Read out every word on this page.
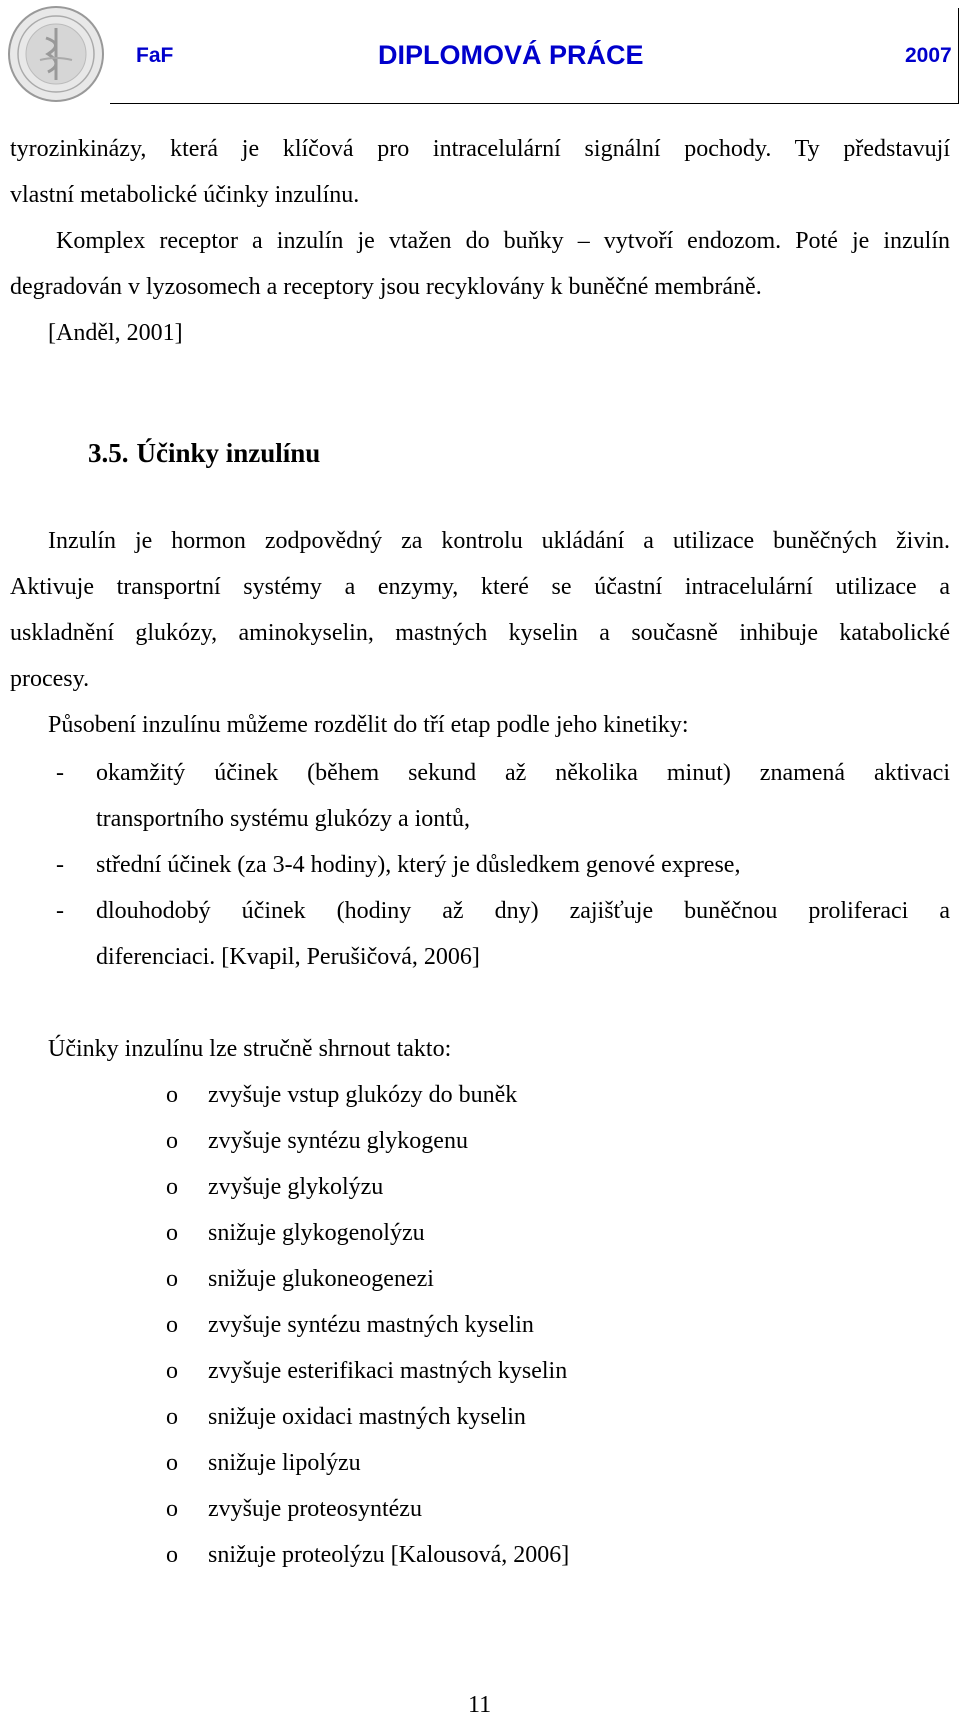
FaF	DIPLOMOVÁ PRÁCE	2007
tyrozinkinázy, která je klíčová pro intracelulární signální pochody. Ty představují
vlastní metabolické účinky inzulínu.
Komplex receptor a inzulín je vtažen do buňky – vytvoří endozom. Poté je inzulín
degradován v lyzosomech a receptory jsou recyklovány k buněčné membráně.
[Anděl, 2001]
3.5. Účinky inzulínu
Inzulín je hormon zodpovědný za kontrolu ukládání a utilizace buněčných živin.
Aktivuje transportní systémy a enzymy, které se účastní intracelulární utilizace a
uskladnění glukózy, aminokyselin, mastných kyselin a současně inhibuje katabolické
procesy.
Působení inzulínu můžeme rozdělit do tří etap podle jeho kinetiky:
- okamžitý účinek (během sekund až několika minut) znamená aktivaci
transportního systému glukózy a iontů,
- střední účinek (za 3-4 hodiny), který je důsledkem genové exprese,
- dlouhodobý účinek (hodiny až dny) zajišťuje buněčnou proliferaci a
diferenciaci. [Kvapil, Perušičová, 2006]
Účinky inzulínu lze stručně shrnout takto:
o zvyšuje vstup glukózy do buněk
o zvyšuje syntézu glykogenu
o zvyšuje glykolýzu
o snižuje glykogenolýzu
o snižuje glukoneogenezi
o zvyšuje syntézu mastných kyselin
o zvyšuje esterifikaci mastných kyselin
o snižuje oxidaci mastných kyselin
o snižuje lipolýzu
o zvyšuje proteosyntézu
o snižuje proteolýzu [Kalousová, 2006]
11
